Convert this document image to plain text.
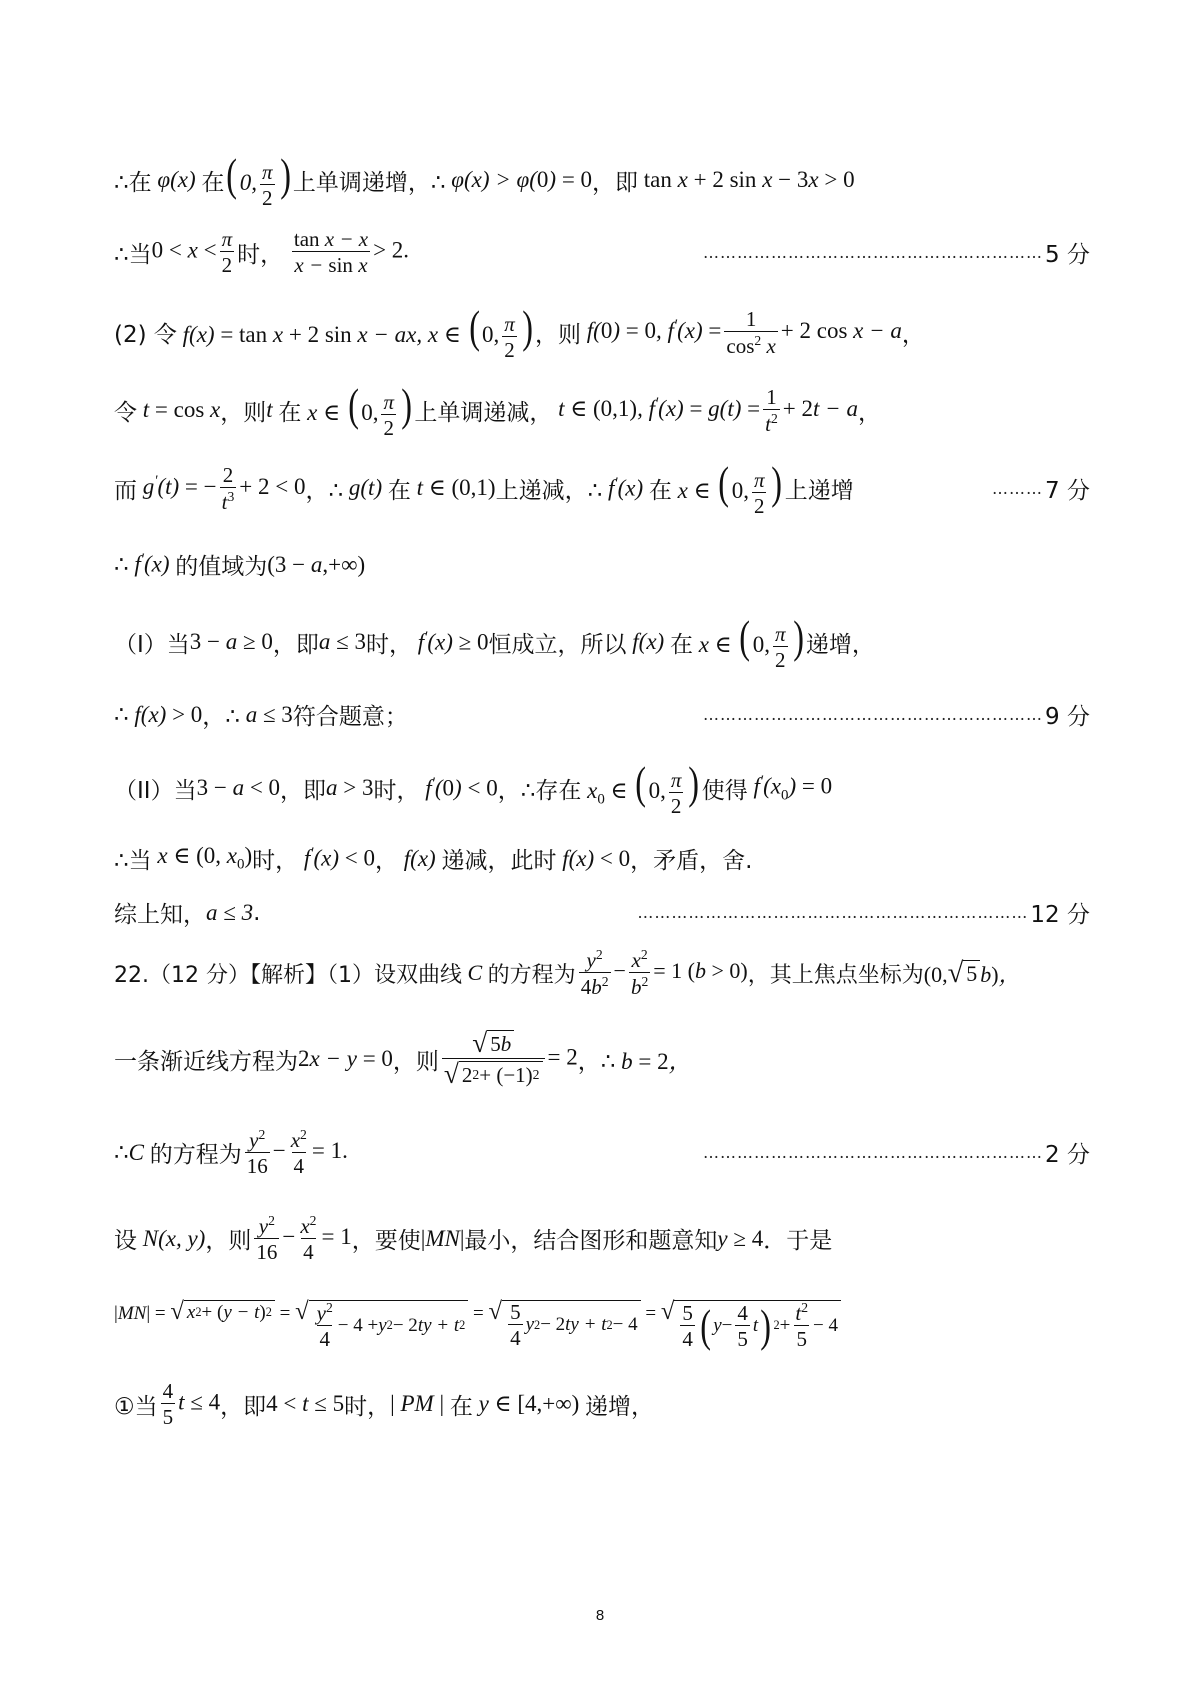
∴在 φ(x) 在 (0, $\frac{\pi}{2}$ ) 上单调递增，∴ φ(x) > φ(0) = 0 ，即 tan x + 2 sin x − 3x > 0
∴当 $0 < x < \frac{\pi}{2}$ 时，
$\frac{\text{tan x − x}}{\text{x − sin x}} > 2$.	…………………………………………………… 5 分
(2) 令 f(x) = tan x + 2 sin x − ax, x ∈ (0, $\frac{\pi}{2}$ ) ，则 f(0) = 0, $f'(x) = \frac{1}{\cos^2 x} + 2$ cos x − a ，
令 t = cos x ，则 t 在 x ∈ (0, $\frac{\pi}{2}$ ) 上单调递减， t ∈ (0,1), $f'(x) = g(t) = \frac{1}{t^2} + 2t - a$ ，
而 g'(t) = − $\frac{2}{t^3} + 2 < 0$ ，∴ g(t) 在 t ∈ (0,1) 上递减，∴ f'(x) 在 x ∈ (0, $\frac{\pi}{2}$ ) 上递增	……… 7 分
∴ f'(x) 的值域为 (3 − a,+∞)
（I）当 3 − a ≥ 0 ，即 a ≤ 3 时， f'(x) ≥ 0 恒成立，所以 f(x) 在 x ∈ (0, $\frac{\pi}{2}$ ) 递增，
∴ f(x) > 0 ，∴ a ≤ 3 符合题意；	…………………………………………………… 9 分
（II）当 3 − a < 0 ，即 a > 3 时， f'(0) < 0 ，∴存在 $x_0$ ∈ (0, $\frac{\pi}{2}$ ) 使得 $f'(x_0) = 0$
∴当 x ∈ (0, $x_0$) 时， f'(x) < 0 ， f(x) 递减，此时 f(x) < 0 ，矛盾，舍.
综上知， a ≤ 3 .	…………………………………………………………… 12 分
22.（12 分）【解析】（1）设双曲线 C 的方程为 $\frac{y^2}{4b^2} - \frac{x^2}{b^2} = 1$ (b > 0) ，其上焦点坐标为 (0, √ 5 b)，
一条渐近线方程为 2x − y = 0 ，则 $\frac{√ 5 b}{√ 2 2 + (-1) 2} = 2$ ，∴ b = 2，
∴ C 的方程为 $\frac{y^2}{16} - \frac{x^2}{4} = 1$.	…………………………………………………… 2 分
设 N(x, y) ，则 $\frac{y^2}{16} - \frac{x^2}{4} = 1$ ，要使 |MN| 最小，结合图形和题意知 y ≥ 4 ．于是
|MN| = √ x 2 + ( y − t ) 2 = √ $\frac{y^2}{4} - 4 + y$ 2 − 2 ty + t 2
= √ $\frac{5}{4}$ y 2 − 2 ty + t 2 − 4
= √ $\frac{5}{4}$ ( $y - \frac{4}{5}$ t ) $2 + \frac{t^2}{5} - 4$
①当 $\frac{4}{5}$ t ≤ 4 ，即 4 < t ≤ 5 时， | PM | 在 y ∈ [4,+∞) 递增，
8
